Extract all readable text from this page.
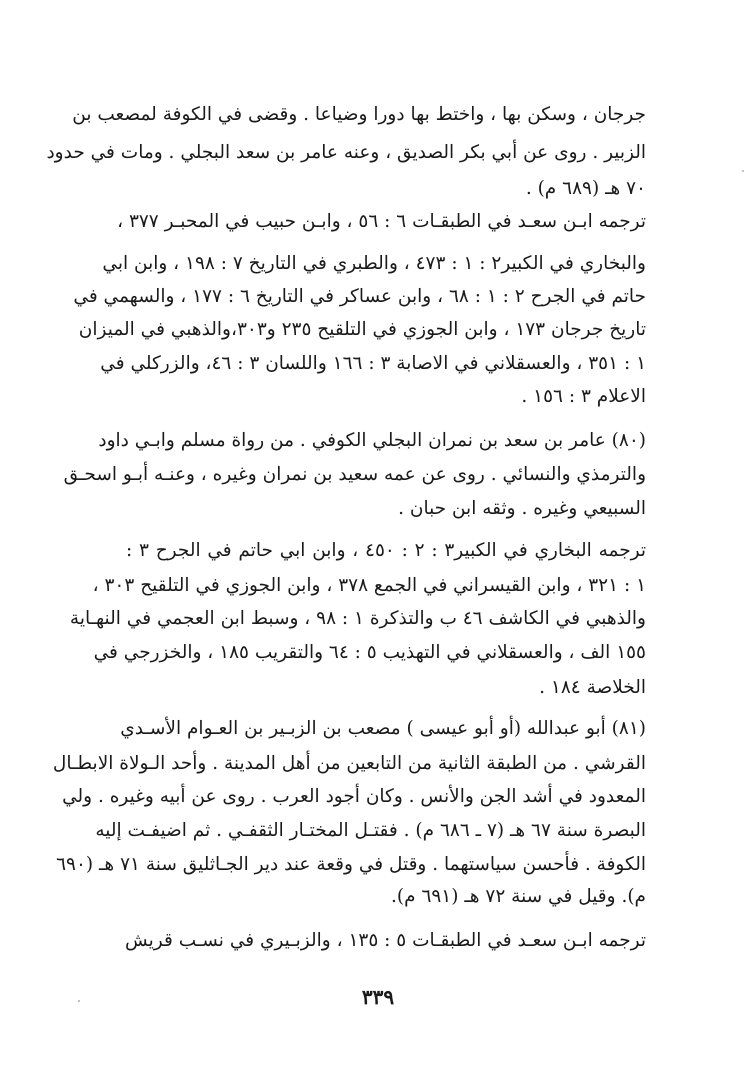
جرجان ، وسكن بها ، واختط بها دورا وضياعا . وقضى في الكوفة لمصعب بن
الزبير . روى عن أبي بكر الصديق ، وعنه عامر بن سعد البجلي . ومات في حدود
٧٠ هـ (٦٨٩ م) .
ترجمه ابـن سعـد في الطبقـات ٦ : ٥٦ ، وابـن حبيب في المحبـر ٣٧٧ ،
والبخاري في الكبير٢ : ١ : ٤٧٣ ، والطبري في التاريخ ٧ : ١٩٨ ، وابن ابي
حاتم في الجرح ٢ : ١ : ٦٨ ، وابن عساكر في التاريخ ٦ : ١٧٧ ، والسهمي في
تاريخ جرجان ١٧٣ ، وابن الجوزي في التلقيح ٢٣٥ و٣٠٣،والذهبي في الميزان
١ : ٣٥١ ، والعسقلاني في الاصابة ٣ : ١٦٦ واللسان ٣ : ٤٦، والزركلي في
الاعلام ٣ : ١٥٦ .
(٨٠) عامر بن سعد بن نمران البجلي الكوفي . من رواة مسلم وابـي داود
والترمذي والنسائي . روى عن عمه سعيد بن نمران وغيره ، وعنـه أبـو اسحـق
السبيعي وغيره . وثقه ابن حبان .
ترجمه البخاري في الكبير٣ : ٢ : ٤٥٠ ، وابن ابي حاتم في الجرح ٣ :
١ : ٣٢١ ، وابن القيسراني في الجمع ٣٧٨ ، وابن الجوزي في التلقيح ٣٠٣ ،
والذهبي في الكاشف ٤٦ ب والتذكرة ١ : ٩٨ ، وسبط ابن العجمي في النهـاية
١٥٥ الف ، والعسقلاني في التهذيب ٥ : ٦٤ والتقريب ١٨٥ ، والخزرجي في
الخلاصة ١٨٤ .
(٨١) أبو عبدالله (أو أبو عيسى ) مصعب بن الزبـير بن العـوام الأسـدي
القرشي . من الطبقة الثانية من التابعين من أهل المدينة . وأحد الـولاة الابطـال
المعدود في أشد الجن والأنس . وكان أجود العرب . روى عن أبيه وغيره . ولي
البصرة سنة ٦٧ هـ (٧ ـ ٦٨٦ م) . فقتـل المختـار الثقفـي . ثم اضيفـت إليه
الكوفة . فأحسن سياستهما . وقتل في وقعة عند دير الجـاثليق سنة ٧١ هـ (٦٩٠
م). وقيل في سنة ٧٢ هـ (٦٩١ م).
ترجمه ابـن سعـد في الطبقـات ٥ : ١٣٥ ، والزبـيري في نسـب قريش
٣٣٩
